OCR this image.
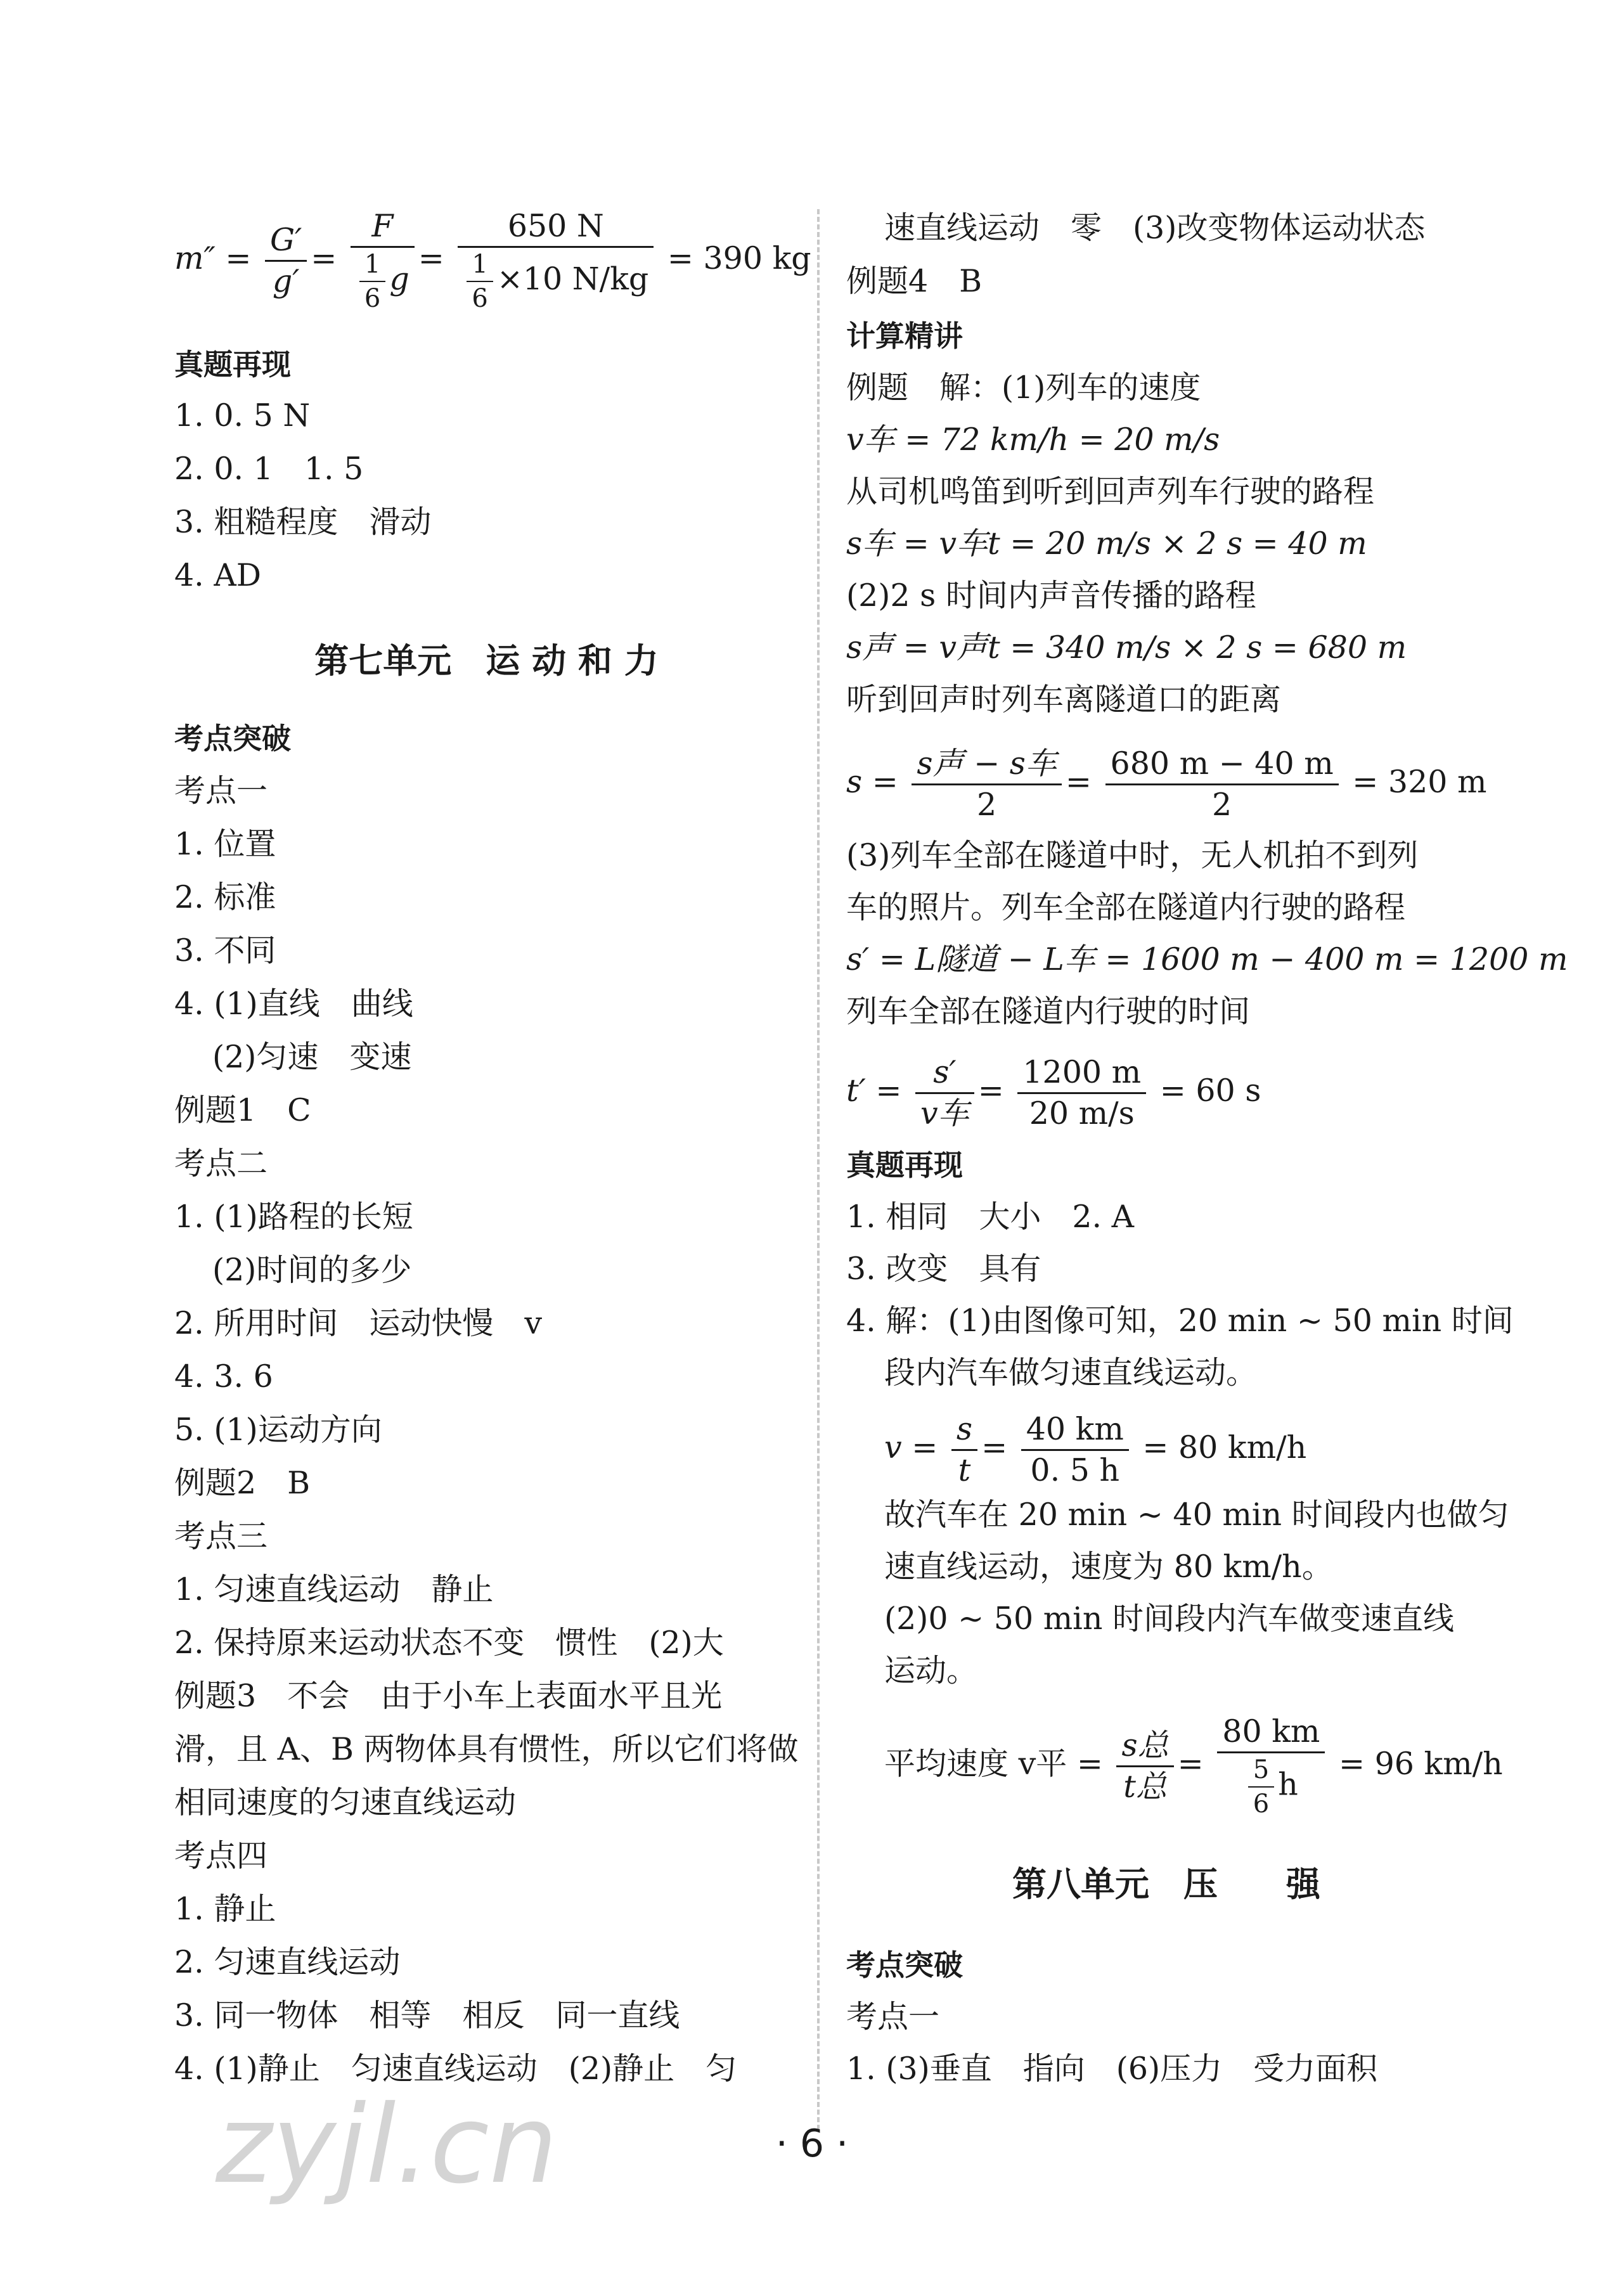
$m'' = \frac{G'}{g'} = \frac{F}{\frac{1}{6} g} = \frac{650 N}{\frac{1}{6} \times 10 N/kg} = 390$ kg
真题再现
1. 0. 5 N
2. 0. 1　1. 5
3. 粗糙程度　滑动
4. AD
第七单元　运 动 和 力
考点突破
考点一
1. 位置
2. 标准
3. 不同
4. (1)直线　曲线
(2)匀速　变速
例题1　C
考点二
1. (1)路程的长短
(2)时间的多少
2. 所用时间　运动快慢　v
4. 3. 6
5. (1)运动方向
例题2　B
考点三
1. 匀速直线运动　静止
2. 保持原来运动状态不变　惯性　(2)大
例题3　不会　由于小车上表面水平且光
滑，且 A、B 两物体具有惯性，所以它们将做
相同速度的匀速直线运动
考点四
1. 静止
2. 匀速直线运动
3. 同一物体　相等　相反　同一直线
4. (1)静止　匀速直线运动　(2)静止　匀
速直线运动　零　(3)改变物体运动状态
例题4　B
计算精讲
例题　解：(1)列车的速度
v车 = 72 km/h = 20 m/s
从司机鸣笛到听到回声列车行驶的路程
s车 = v车t = 20 m/s × 2 s = 40 m
(2)2 s 时间内声音传播的路程
s声 = v声t = 340 m/s × 2 s = 680 m
听到回声时列车离隧道口的距离
$s = \frac{\text{s声 − s车}}{2} = \frac{680 m - 40 m}{2} = 320$ m
(3)列车全部在隧道中时，无人机拍不到列
车的照片。列车全部在隧道内行驶的路程
s′ = L隧道 − L车 = 1600 m − 400 m = 1200 m
列车全部在隧道内行驶的时间
$t' = \frac{s'}{\text{v车}} = \frac{1200 m}{20 m/s} = 60$ s
真题再现
1. 相同　大小　2. A
3. 改变　具有
4. 解：(1)由图像可知，20 min ~ 50 min 时间
段内汽车做匀速直线运动。
$v = \frac{s}{t} = \frac{40 km}{0. 5 h} = 80$ km/h
故汽车在 20 min ~ 40 min 时间段内也做匀
速直线运动，速度为 80 km/h。
(2)0 ~ 50 min 时间段内汽车做变速直线
运动。
平均速度 v平 = $\frac{\text{s总}}{\text{t总}} = \frac{80 km}{\frac{5}{6} h} = 96$ km/h
第八单元　压　　强
考点突破
考点一
1. (3)垂直　指向　(6)压力　受力面积
· 6 ·
zyjl.cn
